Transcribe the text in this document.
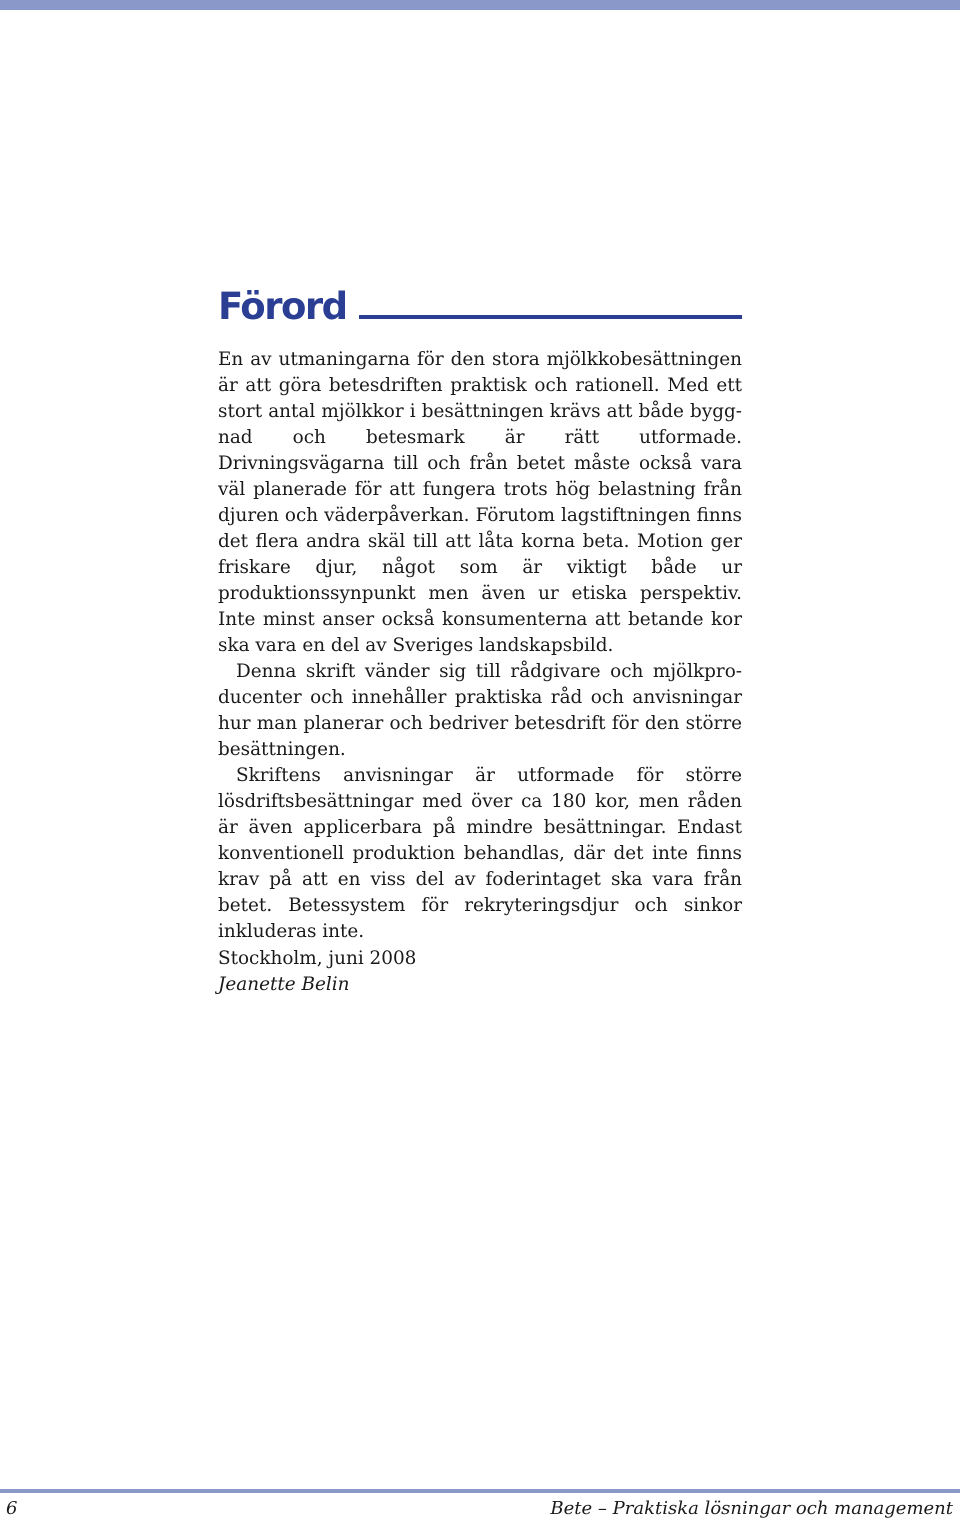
Förord

En av utmaningarna för den stora mjölkkobesättningen är att göra betesdriften praktisk och rationell. Med ett stort antal mjölkkor i besättningen krävs att både byggnad och betesmark är rätt utformade. Drivningsvägarna till och från betet måste också vara väl planerade för att fungera trots hög belastning från djuren och väderpåverkan. Förutom lagstiftningen finns det flera andra skäl till att låta korna beta. Motion ger friskare djur, något som är viktigt både ur produktionssynpunkt men även ur etiska perspektiv. Inte minst anser också konsumenterna att betande kor ska vara en del av Sveriges landskapsbild.

Denna skrift vänder sig till rådgivare och mjölkproducenter och innehåller praktiska råd och anvisningar hur man planerar och bedriver betesdrift för den större besättningen.

Skriftens anvisningar är utformade för större lösdriftsbesättningar med över ca 180 kor, men råden är även applicerbara på mindre besättningar. Endast konventionell produktion behandlas, där det inte finns krav på att en viss del av foderintaget ska vara från betet. Betessystem för rekryteringsdjur och sinkor inkluderas inte.

Stockholm, juni 2008
Jeanette Belin
6	Bete – Praktiska lösningar och management
